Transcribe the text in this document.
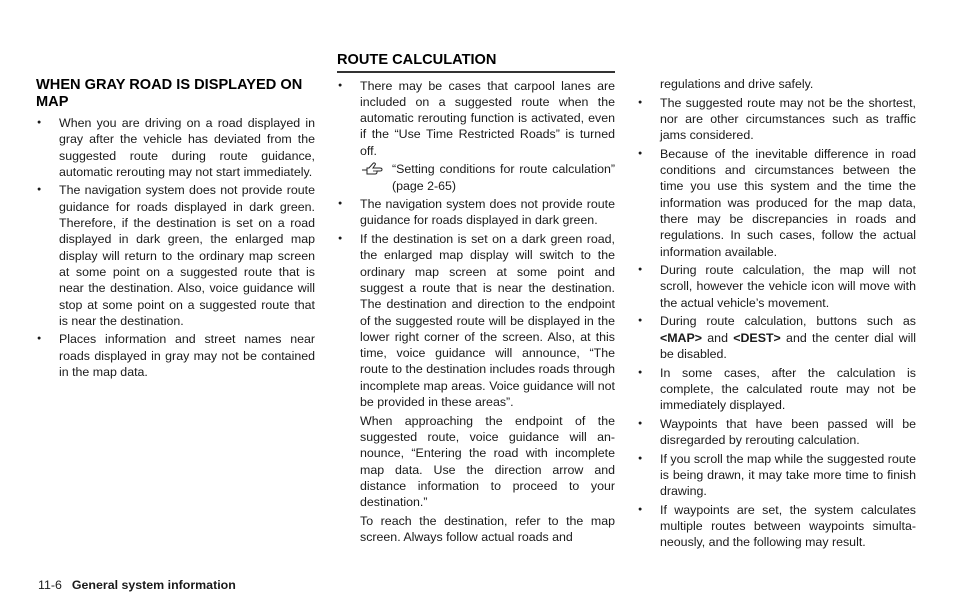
WHEN GRAY ROAD IS DISPLAYED ON MAP
● When you are driving on a road displayed in gray after the vehicle has deviated from the suggested route during route guidance, automatic rerouting may not start immediately.
● The navigation system does not provide route guidance for roads displayed in dark green. Therefore, if the destination is set on a road displayed in dark green, the enlarged map display will return to the ordinary map screen at some point on a suggested route that is near the destination. Also, voice guidance will stop at some point on a suggested route that is near the destination.
● Places information and street names near roads displayed in gray may not be contained in the map data.
ROUTE CALCULATION
● There may be cases that carpool lanes are included on a suggested route when the automatic rerouting function is activated, even if the “Use Time Restricted Roads” is turned off.
“Setting conditions for route calculation” (page 2-65)
● The navigation system does not provide route guidance for roads displayed in dark green.
● If the destination is set on a dark green road, the enlarged map display will switch to the ordinary map screen at some point and suggest a route that is near the destination. The destination and direction to the endpoint of the suggested route will be displayed in the lower right corner of the screen. Also, at this time, voice guidance will announce, “The route to the destination includes roads through incomplete map areas. Voice guidance will not be provided in these areas”.
When approaching the endpoint of the suggested route, voice guidance will announce, “Entering the road with incomplete map data. Use the direction arrow and distance information to proceed to your destination.”
To reach the destination, refer to the map screen. Always follow actual roads and
regulations and drive safely.
● The suggested route may not be the shortest, nor are other circumstances such as traffic jams considered.
● Because of the inevitable difference in road conditions and circumstances between the time you use this system and the time the information was produced for the map data, there may be discrepancies in roads and regulations. In such cases, follow the actual information available.
● During route calculation, the map will not scroll, however the vehicle icon will move with the actual vehicle’s movement.
● During route calculation, buttons such as <MAP> and <DEST> and the center dial will be disabled.
● In some cases, after the calculation is complete, the calculated route may not be immediately displayed.
● Waypoints that have been passed will be disregarded by rerouting calculation.
● If you scroll the map while the suggested route is being drawn, it may take more time to finish drawing.
● If waypoints are set, the system calculates multiple routes between waypoints simultaneously, and the following may result.
11-6 General system information
